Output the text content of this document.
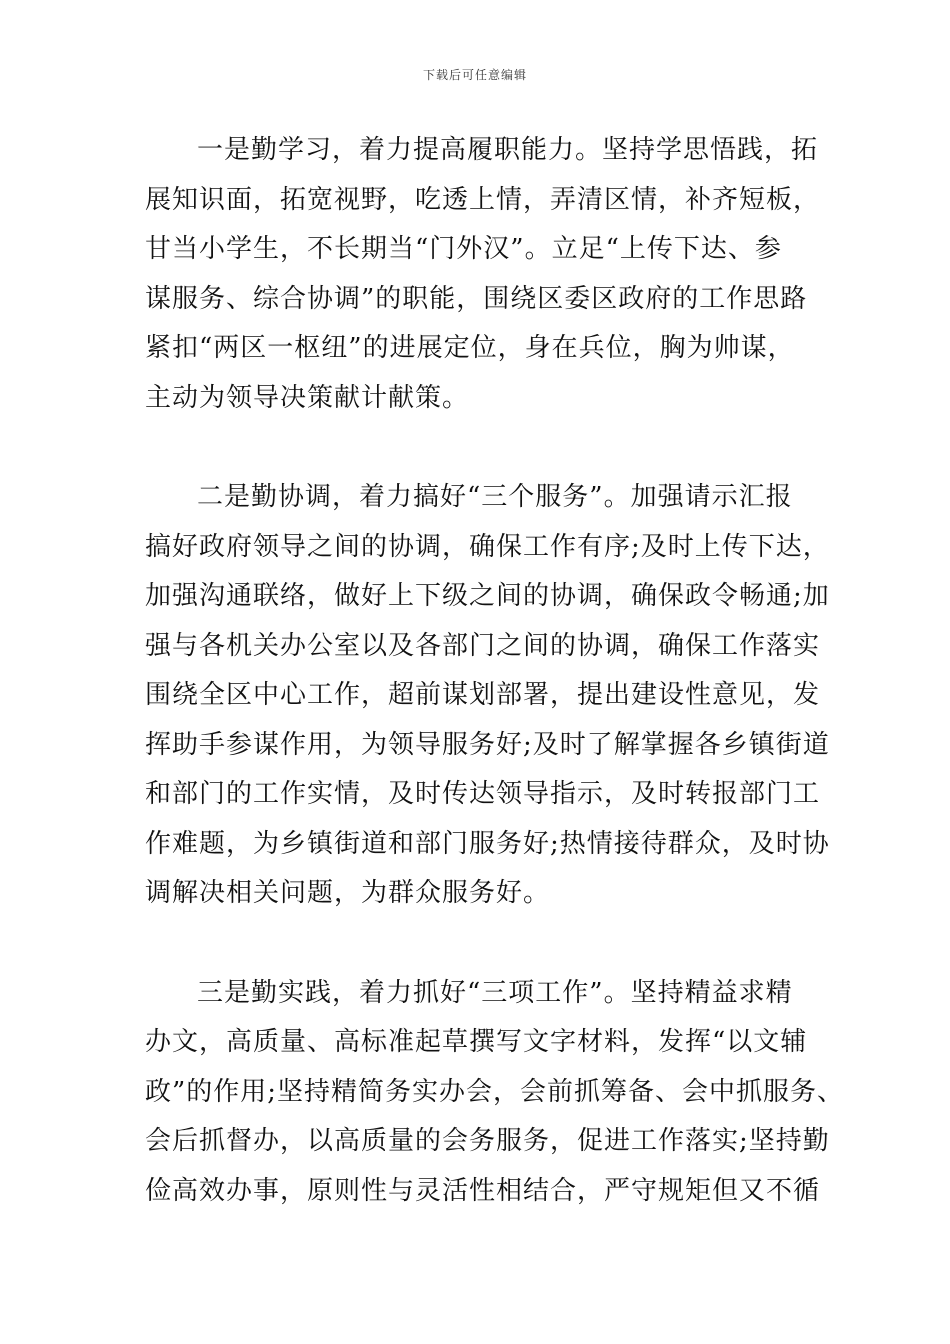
下载后可任意编辑
一是勤学习，着力提高履职能力。坚持学思悟践，拓
展知识面，拓宽视野，吃透上情，弄清区情，补齐短板，
甘当小学生，不长期当“门外汉”。立足“上传下达、参
谋服务、综合协调”的职能，围绕区委区政府的工作思路
紧扣“两区一枢纽”的进展定位，身在兵位，胸为帅谋，
主动为领导决策献计献策。
二是勤协调，着力搞好“三个服务”。加强请示汇报
搞好政府领导之间的协调，确保工作有序;及时上传下达，
加强沟通联络，做好上下级之间的协调，确保政令畅通;加
强与各机关办公室以及各部门之间的协调，确保工作落实
围绕全区中心工作，超前谋划部署，提出建设性意见，发
挥助手参谋作用，为领导服务好;及时了解掌握各乡镇街道
和部门的工作实情，及时传达领导指示，及时转报部门工
作难题，为乡镇街道和部门服务好;热情接待群众，及时协
调解决相关问题，为群众服务好。
三是勤实践，着力抓好“三项工作”。坚持精益求精
办文，高质量、高标准起草撰写文字材料，发挥“以文辅
政”的作用;坚持精简务实办会，会前抓筹备、会中抓服务、
会后抓督办，以高质量的会务服务，促进工作落实;坚持勤
俭高效办事，原则性与灵活性相结合，严守规矩但又不循
